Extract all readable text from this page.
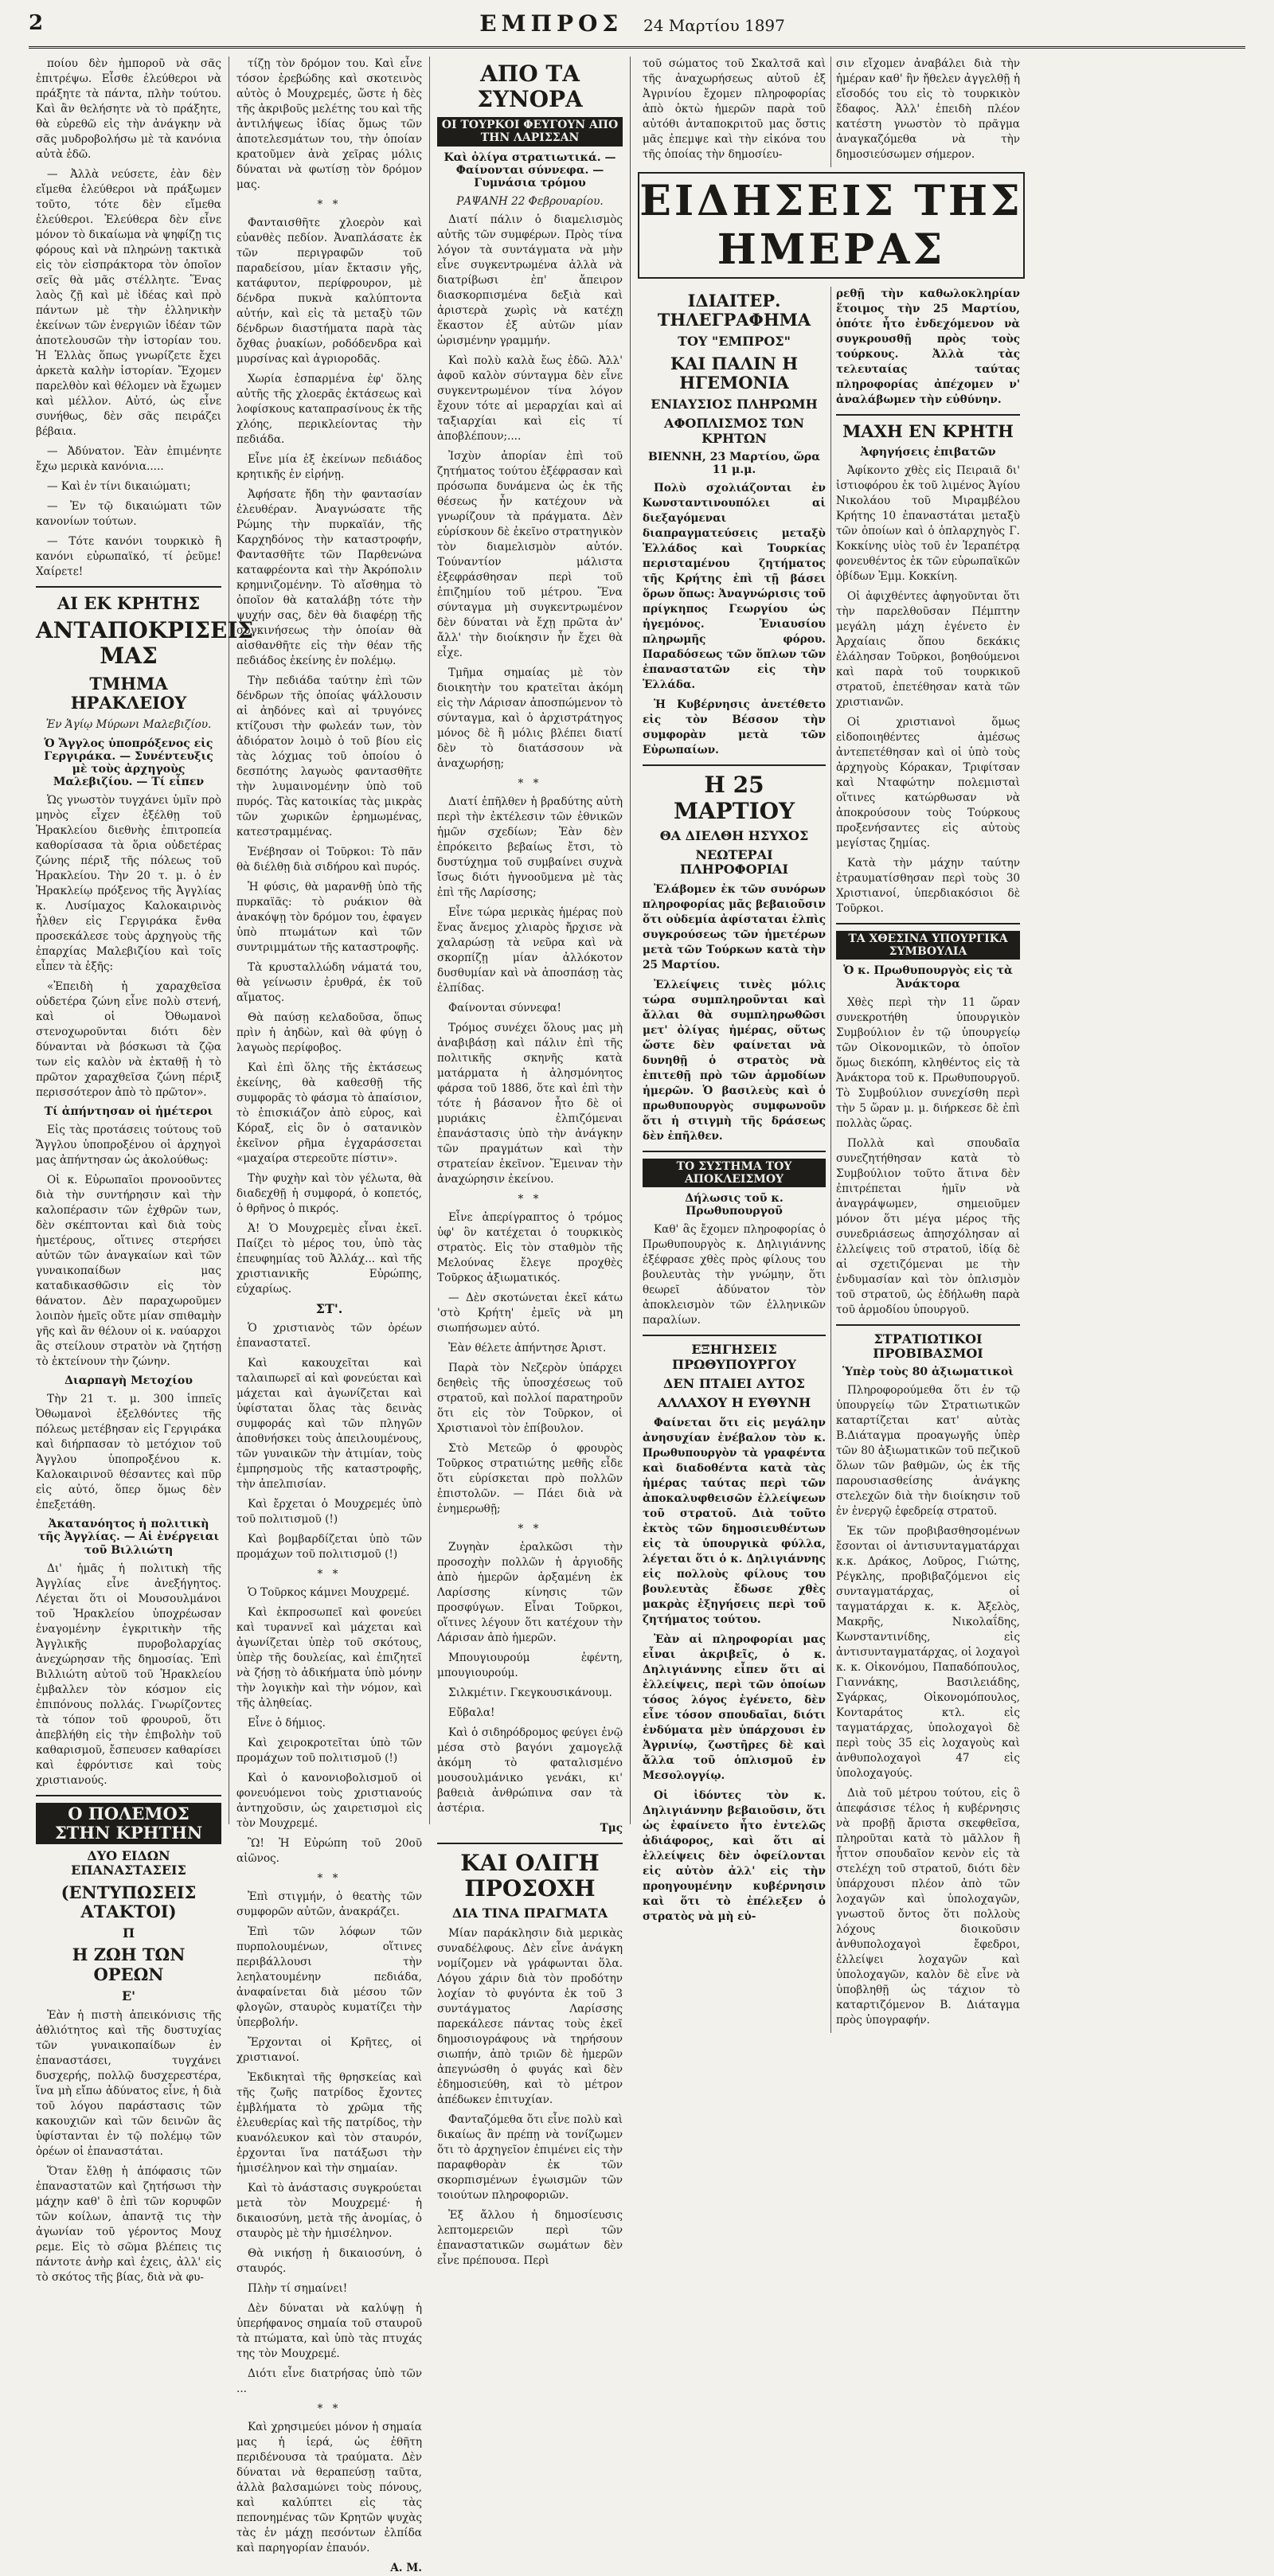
2	ΕΜΠΡΟΣ 24 Μαρτίου 1897

ποίου δὲν ἠμποροῦ νὰ σᾶς ἐπιτρέψω. Εἶσθε ἐλεύθεροι νὰ πράξητε τὰ πάντα, πλὴν τούτου. Καὶ ἂν θελήσητε νὰ τὸ πράξητε, θὰ εὑρεθῶ εἰς τὴν ἀνάγκην νὰ σᾶς μυδροβολήσω μὲ τὰ κανόνια αὐτὰ ἐδῶ.

— Ἀλλὰ νεύσετε, ἐὰν δὲν εἴμεθα ἐλεύθεροι νὰ πράξωμεν τοῦτο, τότε δὲν εἴμεθα ἐλεύθεροι. Ἐλεύθερα δὲν εἶνε μόνον τὸ δικαίωμα νὰ ψηφίζῃ τις φόρους καὶ νὰ πληρώνῃ τακτικὰ εἰς τὸν εἰσπράκτορα τὸν ὁποῖον σεῖς θὰ μᾶς στέλλητε. Ἕνας λαὸς ζῇ καὶ μὲ ἰδέας καὶ πρὸ πάντων μὲ τὴν ἐλληνικὴν ἐκείνων τῶν ἐνεργιῶν ἰδέαν τῶν ἀποτελουσῶν τὴν ἱστορίαν του. Ἡ Ἑλλὰς ὅπως γνωρίζετε ἔχει ἀρκετὰ καλὴν ἱστορίαν. Ἔχομεν παρελθὸν καὶ θέλομεν νὰ ἔχωμεν καὶ μέλλον. Αὐτό, ὡς εἶνε συνήθως, δὲν σᾶς πειράζει βέβαια.

— Ἀδύνατον. Ἐὰν ἐπιμένητε ἔχω μερικὰ κανόνια.....

— Καὶ ἐν τίνι δικαιώματι;

— Ἐν τῷ δικαιώματι τῶν κανονίων τούτων.

— Τότε κανόνι τουρκικὸ ἢ κανόνι εὐρωπαϊκό, τί ῥεῦμε! Χαίρετε!

ΑΙ ΕΚ ΚΡΗΤΗΣ
ΑΝΤΑΠΟΚΡΙΣΕΙΣ ΜΑΣ
ΤΜΗΜΑ ΗΡΑΚΛΕΙΟΥ
Ἐν Ἁγίῳ Μύρωνι Μαλεβιζίου.
Ὁ Ἄγγλος ὑποπρόξενος εἰς Γεργιράκα. — Συνέντευξις μὲ τοὺς ἀρχηγοὺς Μαλεβιζίου. — Τί εἶπεν

Ὡς γνωστὸν τυγχάνει ὑμῖν πρὸ μηνὸς εἶχεν ἐξέλθῃ τοῦ Ἡρακλείου διεθνὴς ἐπιτροπεία καθορίσασα τὰ ὅρια οὐδετέρας ζώνης πέριξ τῆς πόλεως τοῦ Ἡρακλείου. Τὴν 20 τ. μ. ὁ ἐν Ἡρακλείῳ πρόξενος τῆς Ἀγγλίας κ. Λυσίμαχος Καλοκαιρινὸς ἦλθεν εἰς Γεργιράκα ἔνθα προσεκάλεσε τοὺς ἀρχηγοὺς τῆς ἐπαρχίας Μαλεβιζίου καὶ τοῖς εἶπεν τὰ ἑξῆς:

«Ἐπειδὴ ἡ χαραχθεῖσα οὐδετέρα ζώνη εἶνε πολὺ στενή, καὶ οἱ Ὀθωμανοὶ στενοχωροῦνται διότι δὲν δύνανται νὰ βόσκωσι τὰ ζῷα των εἰς καλὸν νὰ ἐκταθῇ ἡ τὸ πρῶτον χαραχθεῖσα ζώνη πέριξ περισσότερον ἀπὸ τὸ πρῶτον».

Τί ἀπήντησαν οἱ ἡμέτεροι

Εἰς τὰς προτάσεις τούτους τοῦ Ἄγγλου ὑποπροξένου οἱ ἀρχηγοὶ μας ἀπήντησαν ὡς ἀκολούθως:

Οἱ κ. Εὐρωπαῖοι προνοοῦντες διὰ τὴν συντήρησιν καὶ τὴν καλοπέρασιν τῶν ἐχθρῶν των, δὲν σκέπτονται καὶ διὰ τοὺς ἡμετέρους, οἵτινες στερήσει αὐτῶν τῶν ἀναγκαίων καὶ τῶν γυναικοπαίδων μας καταδικασθῶσιν εἰς τὸν θάνατον. Δὲν παραχωροῦμεν λοιπὸν ἡμεῖς οὔτε μίαν σπιθαμὴν γῆς καὶ ἂν θέλουν οἱ κ. ναύαρχοι ἂς στείλουν στρατὸν νὰ ζητήσῃ τὸ ἐκτείνουν τὴν ζώνην.

Διαρπαγὴ Μετοχίου

Τὴν 21 τ. μ. 300 ἱππεῖς Ὀθωμανοὶ ἐξελθόντες τῆς πόλεως μετέβησαν εἰς Γεργιράκα καὶ διήρπασαν τὸ μετόχιον τοῦ Ἀγγλου ὑποπροξένου κ. Καλοκαιρινοῦ θέσαντες καὶ πῦρ εἰς αὐτό, ὅπερ ὅμως δὲν ἐπεξετάθη.

Ἀκατανόητος ἡ πολιτικὴ τῆς Ἀγγλίας. — Αἱ ἐνέργειαι τοῦ Βιλλιώτη

Δι' ἡμᾶς ἡ πολιτικὴ τῆς Ἀγγλίας εἶνε ἀνεξήγητος. Λέγεται ὅτι οἱ Μουσουλμάνοι τοῦ Ἡρακλείου ὑποχρέωσαν ἐναγομένην ἐγκριτικὴν τῆς Ἀγγλικῆς πυροβολαρχίας ἀνεχώρησαν τῆς δημοσίας. Ἐπὶ Βιλλιώτη αὐτοῦ τοῦ Ἡρακλείου ἐμβαλλεν τὸν κόσμον εἰς ἐπιπόνους πολλάς. Γνωρίζοντες τὰ τόπον τοῦ φρουροῦ, ὅτι ἀπεβλήθη εἰς τὴν ἐπιβολὴν τοῦ καθαρισμοῦ, ἔσπευσεν καθαρίσει καὶ ἐφρόντισε καὶ τοὺς χριστιανούς.

Ο ΠΟΛΕΜΟΣ ΣΤΗΝ ΚΡΗΤΗΝ
ΔΥΟ ΕΙΔΩΝ ΕΠΑΝΑΣΤΑΣΕΙΣ
(ΕΝΤΥΠΩΣΕΙΣ ΑΤΑΚΤΟΙ)
Π
Η ΖΩΗ ΤΩΝ ΟΡΕΩΝ
Ε'

Ἐὰν ἡ πιστὴ ἀπεικόνισις τῆς ἀθλιότητος καὶ τῆς δυστυχίας τῶν γυναικοπαίδων ἐν ἐπαναστάσει, τυγχάνει δυσχερής, πολλῷ δυσχερεστέρα, ἵνα μὴ εἴπω ἀδύνατος εἶνε, ἡ διὰ τοῦ λόγου παράστασις τῶν κακουχιῶν καὶ τῶν δεινῶν ἃς ὑφίστανται ἐν τῷ πολέμῳ τῶν ὀρέων οἱ ἐπαναστάται.

Ὅταν ἔλθῃ ἡ ἀπόφασις τῶν ἐπαναστατῶν καὶ ζητήσωσι τὴν μάχην καθ' ὃ ἐπὶ τῶν κορυφῶν τῶν κοίλων, ἀπαντᾷ τις τὴν ἀγωνίαν τοῦ γέροντος Μουχ ρεμε. Εἰς τὸ σῶμα βλέπεις τις πάντοτε ἀνὴρ καὶ ἐχεις, ἀλλ' εἰς τὸ σκότος τῆς βίας, διὰ νὰ φυ-

τίζῃ τὸν δρόμον του. Καὶ εἶνε τόσον ἐρεβώδης καὶ σκοτεινὸς αὐτὸς ὁ Μουχρεμές, ὥστε ἡ δὲς τῆς ἀκριβοῦς μελέτης του καὶ τῆς ἀντιλήψεως ἰδίας ὅμως τῶν ἀποτελεσμάτων του, τὴν ὁποίαν κρατοῦμεν ἀνὰ χεῖρας μόλις δύναται νὰ φωτίσῃ τὸν δρόμον μας.

* *

Φανταισθῆτε χλοερὸν καὶ εὐανθὲς πεδίον. Ἀναπλάσατε ἐκ τῶν περιγραφῶν τοῦ παραδείσου, μίαν ἔκτασιν γῆς, κατάφυτον, περίφρουρον, μὲ δένδρα πυκνὰ καλύπτοντα αὐτήν, καὶ εἰς τὰ μεταξὺ τῶν δένδρων διαστήματα παρὰ τὰς ὄχθας ῥυακίων, ροδόδενδρα καὶ μυρσίνας καὶ ἀγριοροδᾶς.

Χωρία ἐσπαρμένα ἐφ' ὅλης αὐτῆς τῆς χλοερᾶς ἐκτάσεως καὶ λοφίσκους καταπρασίνους ἐκ τῆς χλόης, περικλείοντας τὴν πεδιάδα.

Εἶνε μία ἐξ ἐκείνων πεδιάδος κρητικῆς ἐν εἰρήνῃ.

Ἀφήσατε ἤδη τὴν φαντασίαν ἐλευθέραν. Ἀναγνώσατε τῆς Ρώμης τὴν πυρκαϊάν, τῆς Καρχηδόνος τὴν καταστροφήν, Φαντασθῆτε τῶν Παρθενώνα καταφρέοντα καὶ τὴν Ἀκρόπολιν κρημνιζομένην. Τὸ αἴσθημα τὸ ὁποῖον θὰ καταλάβῃ τότε τὴν ψυχήν σας, δὲν θὰ διαφέρῃ τῆς συγκινήσεως τὴν ὁποίαν θὰ αἰσθανθῆτε εἰς τὴν θέαν τῆς πεδιάδος ἐκείνης ἐν πολέμῳ.

Τὴν πεδιάδα ταύτην ἐπὶ τῶν δένδρων τῆς ὁποίας ψάλλουσιν αἱ ἀηδόνες καὶ αἱ τρυγόνες κτίζουσι τὴν φωλεάν των, τὸν ἀδιόρατον λοιμὸ ὁ τοῦ βίου εἰς τὰς λόχμας τοῦ ὁποίου ὁ δεσπότης λαγωὸς φαντασθῆτε τὴν λυμαινομένην ὑπὸ τοῦ πυρός. Τὰς κατοικίας τὰς μικρὰς τῶν χωρικῶν ἐρημωμένας, κατεστραμμένας.

Ἐνέβησαν οἱ Τοῦρκοι: Τὸ πᾶν θὰ διέλθῃ διὰ σιδήρου καὶ πυρός.

Ἡ φύσις, θὰ μαρανθῇ ὑπὸ τῆς πυρκαϊᾶς: τὸ ρυάκιον θὰ ἀνακόψῃ τὸν δρόμον του, ἐφαγεν ὑπὸ πτωμάτων καὶ τῶν συντριμμάτων τῆς καταστροφῆς.

Τὰ κρυσταλλώδη νάματά του, θὰ γείνωσιν ἐρυθρά, ἐκ τοῦ αἵματος.

Θὰ παύσῃ κελαδοῦσα, ὅπως πρὶν ἡ ἀηδὼν, καὶ θὰ φύγῃ ὁ λαγωὸς περίφοβος.

Καὶ ἐπὶ ὅλης τῆς ἐκτάσεως ἐκείνης, θὰ καθεσθῇ τῆς συμφορᾶς τὸ φάσμα τὸ ἀπαίσιον, τὸ ἐπισκιάζον ἀπὸ εὐρος, καὶ Κόραξ, εἰς ὃν ὁ σατανικὸν ἐκεῖνον ρῆμα ἐγχαράσσεται «μαχαίρα στερεοῦτε πίστιν».

Τὴν φυχὴν καὶ τὸν γέλωτα, θὰ διαδεχθῇ ἡ συμφορά, ὁ κοπετός, ὁ θρῆνος ὁ πικρός.

Ἀ! Ὁ Μουχρεμὲς εἶναι ἐκεῖ. Παίζει τὸ μέρος του, ὑπὸ τὰς ἐπευφημίας τοῦ Ἀλλάχ... καὶ τῆς χριστιανικῆς Εὐρώπης, εὐχαρίως.

ΣΤ'.

Ὁ χριστιανὸς τῶν ὀρέων ἐπαναστατεῖ.

Καὶ κακουχεῖται καὶ ταλαιπωρεῖ αἱ καὶ φονεύεται καὶ μάχεται καὶ ἀγωνίζεται καὶ ὑφίσταται ὅλας τὰς δεινὰς συμφοράς καὶ τῶν πληγῶν ἀποθνήσκει τοὺς ἀπειλουμένους, τῶν γυναικῶν τὴν ἀτιμίαν, τοὺς ἐμπρησμοὺς τῆς καταστροφῆς, τὴν ἀπελπισίαν.

Καὶ ἔρχεται ὁ Μουχρεμές ὑπὸ τοῦ πολιτισμοῦ (!)

Καὶ βομβαρδίζεται ὑπὸ τῶν προμάχων τοῦ πολιτισμοῦ (!)

* *

Ὁ Τοῦρκος κάμνει Μουχρεμέ.

Καὶ ἐκπροσωπεῖ καὶ φονεύει καὶ τυραννεῖ καὶ μάχεται καὶ ἀγωνίζεται ὑπὲρ τοῦ σκότους, ὑπὲρ τῆς δουλείας, καὶ ἐπιζητεῖ νὰ ζήσῃ τὸ ἀδικήματα ὑπὸ μόνην τὴν λογικὴν καὶ τὴν νόμον, καὶ τῆς ἀληθείας.

Εἶνε ὁ δήμιος.

Καὶ χειροκροτεῖται ὑπὸ τῶν προμάχων τοῦ πολιτισμοῦ (!)

Καὶ ὁ κανονιοβολισμοῦ οἱ φονευόμενοι τοὺς χριστιανούς ἀντηχοῦσιν, ὡς χαιρετισμοὶ εἰς τὸν Μουχρεμέ.

Ὢ! Ἡ Εὐρώπη τοῦ 20οῦ αἰῶνος.

* *

Ἐπὶ στιγμήν, ὁ θεατὴς τῶν συμφορῶν αὐτῶν, ἀνακράζει.

Ἐπὶ τῶν λόφων τῶν πυρπολουμένων, οἵτινες περιβάλλουσι τὴν λεηλατουμένην πεδιάδα, ἀναφαίνεται διὰ μέσου τῶν φλογῶν, σταυρὸς κυματίζει τὴν ὑπερβολήν.

Ἔρχονται οἱ Κρῆτες, οἱ χριστιανοί.

Ἐκδικηταὶ τῆς θρησκείας καὶ τῆς ζωῆς πατρίδος ἔχοντες ἐμβλήματα τὸ χρῶμα τῆς ἐλευθερίας καὶ τῆς πατρίδος, τὴν κυανόλευκον καὶ τὸν σταυρόν, ἐρχονται ἵνα πατάξωσι τὴν ἡμισέληνον καὶ τὴν σημαίαν.

Καὶ τὸ ἀνάστασις συγκρούεται μετὰ τὸν Μουχρεμέ· ἡ δικαιοσύνη, μετὰ τῆς ἀνομίας, ὁ σταυρὸς μὲ τὴν ἡμισέληνον.

Θὰ νικήσῃ ἡ δικαιοσύνη, ὁ σταυρός.

Πλὴν τί σημαίνει!

Δὲν δύναται νὰ καλύψῃ ἡ ὑπερήφανος σημαία τοῦ σταυροῦ τὰ πτώματα, καὶ ὑπὸ τὰς πτυχάς της τὸν Μουχρεμέ.

Διότι εἶνε διατρήσας ὑπὸ τῶν ...

* *

Καὶ χρησιμεύει μόνον ἡ σημαία μας ἡ ἱερά, ὡς ἐθῆτη περιδένουσα τὰ τραύματα. Δὲν δύναται νὰ θεραπεύσῃ ταῦτα, ἀλλὰ βαλσαμώνει τοὺς πόνους, καὶ καλύπτει εἰς τὰς πεπονημένας τῶν Κρητῶν ψυχὰς τὰς ἐν μάχῃ πεσόντων ἐλπίδα καὶ παρηγορίαν ἐπαυόν.

Α. Μ.
ΑΠΟ ΤΑ ΣΥΝΟΡΑ
ΟΙ ΤΟΥΡΚΟΙ ΦΕΥΓΟΥΝ ΑΠΟ ΤΗΝ ΛΑΡΙΣΣΑΝ
Καὶ ὀλίγα στρατιωτικά. — Φαίνονται σύννεφα. — Γυμνάσια τρόμου
ΡΑΨΑΝΗ 22 Φεβρουαρίου.

Διατί πάλιν ὁ διαμελισμὸς αὐτῆς τῶν συμφέρων. Πρὸς τίνα λόγον τὰ συντάγματα νὰ μὴν εἶνε συγκεντρωμένα ἀλλὰ νὰ διατρίβωσι ἐπ' ἄπειρον διασκορπισμένα δεξιὰ καὶ ἀριστερὰ χωρὶς νὰ κατέχῃ ἕκαστον ἐξ αὐτῶν μίαν ὡρισμένην γραμμήν.

Καὶ πολὺ καλὰ ἔως ἐδῶ. Ἀλλ' ἀφοῦ καλὸν σύνταγμα δὲν εἶνε συγκεντρωμένον τίνα λόγον ἔχουν τότε αἱ μεραρχίαι καὶ αἱ ταξιαρχίαι καὶ εἰς τί ἀποβλέπουν;....

Ἰσχὺν ἀπορίαν ἐπὶ τοῦ ζητήματος τούτου ἐξέφρασαν καὶ πρόσωπα δυνάμενα ὡς ἐκ τῆς θέσεως ἦν κατέχουν νὰ γνωρίζουν τὰ πράγματα. Δὲν εὑρίσκουν δὲ ἐκεῖνο στρατηγικὸν τὸν διαμελισμὸν αὐτόν. Τούναντίον μάλιστα ἐξεφράσθησαν περὶ τοῦ ἐπιζημίου τοῦ μέτρου. Ἕνα σύνταγμα μὴ συγκεντρωμένον δὲν δύναται νὰ ἔχῃ πρῶτα ἀν' ἄλλ' τὴν διοίκησιν ἦν ἔχει θὰ εἶχε.

Τμῆμα σημαίας μὲ τὸν διοικητὴν του κρατεῖται ἀκόμη εἰς τὴν Λάρισαν ἀποσπώμενον τὸ σύνταγμα, καὶ ὁ ἀρχιστράτηγος μόνος δὲ ἢ μόλις βλέπει διατί δὲν τὸ διατάσσουν νὰ ἀναχωρήσῃ;

* *

Διατί ἐπῆλθεν ἡ βραδύτης αὐτὴ περὶ τὴν ἐκτέλεσιν τῶν ἐθνικῶν ἡμῶν σχεδίων; Ἐὰν δὲν ἐπρόκειτο βεβαίως ἔτσι, τὸ δυστύχημα τοῦ συμβαίνει συχνὰ ἴσως διότι ἠγνοοῦμενα μὲ τὰς ἐπὶ τῆς Λαρίσσης;

Εἶνε τώρα μερικὰς ἡμέρας ποὺ ἕνας ἄνεμος χλιαρὸς ἤρχισε νὰ χαλαρώσῃ τὰ νεῦρα καὶ νὰ σκορπίζῃ μίαν ἀλλόκοτον δυσθυμίαν καὶ νὰ ἀποσπάσῃ τὰς ἐλπίδας.

Φαίνονται σύννεφα!

Τρόμος συνέχει ὅλους μας μὴ ἀναβιβάσῃ καὶ πάλιν ἐπὶ τῆς πολιτικῆς σκηνῆς κατὰ ματάρματα ἡ ἀλησμόνητος φάρσα τοῦ 1886, ὅτε καὶ ἐπὶ τὴν τότε ἡ βάσανον ἦτο δὲ οἱ μυριάκις ἐλπιζόμεναι ἐπανάστασις ὑπὸ τὴν ἀνάγκην τῶν πραγμάτων καὶ τὴν στρατείαν ἐκεῖνον. Ἔμειναν τὴν ἀναχώρησιν ἐκείνου.

* *

Εἶνε ἀπερίγραπτος ὁ τρόμος ὑφ' ὃν κατέχεται ὁ τουρκικὸς στρατὸς. Εἰς τὸν σταθμὸν τῆς Μελούνας ἔλεγε προχθὲς Τοῦρκος ἀξιωματικός.

— Δὲν σκοτώνεται ἐκεῖ κάτω 'στὸ Κρήτη' ἐμεῖς νὰ μη σιωπήσωμεν αὐτό.

Ἐὰν θέλετε ἀπήντησε Ἀριστ.

Παρὰ τὸν Νεζερὸν ὑπάρχει δεηθεὶς τῆς ὑποσχέσεως τοῦ στρατοῦ, καὶ πολλοί παρατηροῦν ὅτι εἰς τὸν Τοῦρκον, οἱ Χριστιανοὶ τὸν ἐπίβουλον.

Στὸ Μετεῶρ ὁ φρουρὸς Τοῦρκος στρατιώτης μεθῆς εἶδε ὅτι εὑρίσκεται πρὸ πολλῶν ἐπιστολῶν. — Πάει διὰ νὰ ἐνημερωθῇ;

* *

Ζυγηὰν ἐραλκῶσι τὴν προσοχὴν πολλῶν ἡ ἀργιοδῆς ἀπὸ ἡμερῶν ἀρξαμένη ἐκ Λαρίσσης κίνησις τῶν προσφύγων. Εἶναι Τοῦρκοι, οἵτινες λέγουν ὅτι κατέχουν τὴν Λάρισαν ἀπὸ ἡμερῶν.

Μπουγιουρούμ ἐφέντη, μπουγιουρούμ.

Σιλκμέτιν. Γκεγκουσικάνουμ.

Εὔβαλα!

Καὶ ὁ σιδηρόδρομος φεύγει ἐνῷ μέσα στὸ βαγόνι χαμογελᾷ ἀκόμη τὸ φαταλισμένο μουσουλμάνικο γενάκι, κι' βαθειὰ ἀνθρώπινα σαν τὰ ἀστέρια.

Τμς
ΚΑΙ ΟΛΙΓΗ ΠΡΟΣΟΧΗ
ΔΙΑ ΤΙΝΑ ΠΡΑΓΜΑΤΑ

Μίαν παράκλησιν διὰ μερικὰς συναδέλφους. Δὲν εἶνε ἀνάγκη νομίζομεν νὰ γράφωνται ὅλα. Λόγου χάριν διὰ τὸν προδότην λοχίαν τὸ φυγόντα ἐκ τοῦ 3 συντάγματος Λαρίσσης παρεκάλεσε πάντας τοὺς ἐκεῖ δημοσιογράφους νὰ τηρήσουν σιωπήν, ἀπὸ τριῶν δὲ ἡμερῶν ἀπεγνώσθη ὁ φυγάς καὶ δὲν ἐδημοσιεύθη, καὶ τὸ μέτρον ἀπέδωκεν ἐπιτυχίαν.

Φανταζόμεθα ὅτι εἶνε πολὺ καὶ δικαίως ἂν πρέπῃ νὰ τονίζωμεν ὅτι τὸ ἀρχηγεῖον ἐπιμένει εἰς τὴν παραφθορὰν ἐκ τῶν σκορπισμένων ἐγωισμῶν τῶν τοιούτων πληροφοριῶν.

Ἐξ ἄλλου ἡ δημοσίευσις λεπτομερειῶν περὶ τῶν ἐπαναστατικῶν σωμάτων δὲν εἶνε πρέπουσα. Περὶ

τοῦ σώματος τοῦ Σκαλτσᾶ καὶ τῆς ἀναχωρήσεως αὐτοῦ ἐξ Ἀγρινίου ἔχομεν πληροφορίας ἀπὸ ὀκτὼ ἡμερῶν παρὰ τοῦ αὐτόθι ἀνταποκριτοῦ μας ὅστις μᾶς ἐπεμψε καὶ τὴν εἰκόνα του τῆς ὁποίας τὴν δημοσίευ-

σιν εἴχομεν ἀναβάλει διὰ τὴν ἡμέραν καθ' ἣν ἤθελεν ἀγγελθῇ ἡ εἴσοδός του εἰς τὸ τουρκικὸν ἔδαφος. Ἀλλ' ἐπειδὴ πλέον κατέστη γνωστὸν τὸ πρᾶγμα ἀναγκαζόμεθα νὰ τὴν δημοσιεύσωμεν σήμερον.

ΕΙΔΗΣΕΙΣ ΤΗΣ ΗΜΕΡΑΣ
ΙΔΙΑΙΤΕΡ. ΤΗΛΕΓΡΑΦΗΜΑ
ΤΟΥ "ΕΜΠΡΟΣ"
ΚΑΙ ΠΑΛΙΝ Η ΗΓΕΜΟΝΙΑ
ΕΝΙΑΥΣΙΟΣ ΠΛΗΡΩΜΗ
ΑΦΟΠΛΙΣΜΟΣ ΤΩΝ ΚΡΗΤΩΝ
ΒΙΕΝΝΗ, 23 Μαρτίου, ὥρα 11 μ.μ.

Πολὺ σχολιάζονται ἐν Κωνσταντινουπόλει αἱ διεξαγόμεναι διαπραγματεύσεις μεταξὺ Ἑλλάδος καὶ Τουρκίας περισταμένου ζητήματος τῆς Κρήτης ἐπὶ τῇ βάσει ὅρων ὅπως: Ἀναγνώρισις τοῦ πρίγκηπος Γεωργίου ὡς ἡγεμόνος. Ἐνιαυσίου πληρωμῆς φόρου. Παραδόσεως τῶν ὅπλων τῶν ἐπαναστατῶν εἰς τὴν Ἑλλάδα.

Ἡ Κυβέρνησις ἀνετέθετο εἰς τὸν Βέσσον τὴν συμφορὰν μετὰ τῶν Εὐρωπαίων.

Η 25 ΜΑΡΤΙΟΥ
ΘΑ ΔΙΕΛΘΗ ΗΣΥΧΟΣ
ΝΕΩΤΕΡΑΙ ΠΛΗΡΟΦΟΡΙΑΙ

Ἐλάβομεν ἐκ τῶν συνόρων πληροφορίας μᾶς βεβαιοῦσιν ὅτι οὐδεμία ἀφίσταται ἐλπὶς συγκρούσεως τῶν ἡμετέρων μετὰ τῶν Τούρκων κατὰ τὴν 25 Μαρτίου.

Ἐλλείψεις τινὲς μόλις τώρα συμπληροῦνται καὶ ἄλλαι θὰ συμπληρωθῶσι μετ' ὀλίγας ἡμέρας, οὕτως ὥστε δὲν φαίνεται νὰ δυνηθῇ ὁ στρατὸς νὰ ἐπιτεθῇ πρὸ τῶν ἁρμοδίων ἡμερῶν. Ὁ βασιλεὺς καὶ ὁ πρωθυπουργὸς συμφωνοῦν ὅτι ἡ στιγμὴ τῆς δράσεως δὲν ἐπῆλθεν.

ΤΟ ΣΥΣΤΗΜΑ ΤΟΥ ΑΠΟΚΛΕΙΣΜΟΥ
Δήλωσις τοῦ κ. Πρωθυπουργοῦ

Καθ' ἃς ἔχομεν πληροφορίας ὁ Πρωθυπουργὸς κ. Δηλιγιάννης ἐξέφρασε χθὲς πρὸς φίλους του βουλευτὰς τὴν γνώμην, ὅτι θεωρεῖ ἀδύνατον τὸν ἀποκλεισμὸν τῶν ἑλληνικῶν παραλίων.

ΕΞΗΓΗΣΕΙΣ ΠΡΩΘΥΠΟΥΡΓΟΥ
ΔΕΝ ΠΤΑΙΕΙ ΑΥΤΟΣ
ΑΛΛΑΧΟΥ Η ΕΥΘΥΝΗ

Φαίνεται ὅτι εἰς μεγάλην ἀνησυχίαν ἐνέβαλον τὸν κ. Πρωθυπουργὸν τὰ γραφέντα καὶ διαδοθέντα κατὰ τὰς ἡμέρας ταύτας περὶ τῶν ἀποκαλυφθεισῶν ἐλλείψεων τοῦ στρατοῦ. Διὰ τοῦτο ἐκτὸς τῶν δημοσιευθέντων εἰς τὰ ὑπουργικὰ φύλλα, λέγεται ὅτι ὁ κ. Δηλιγιάννης εἰς πολλοὺς φίλους του βουλευτὰς ἔδωσε χθὲς μακρὰς ἐξηγήσεις περὶ τοῦ ζητήματος τούτου.

Ἐὰν αἱ πληροφορίαι μας εἶναι ἀκριβεῖς, ὁ κ. Δηλιγιάννης εἶπεν ὅτι αἱ ἐλλείψεις, περὶ τῶν ὁποίων τόσος λόγος ἐγένετο, δὲν εἶνε τόσον σπουδαῖαι, διότι ἐνδύματα μὲν ὑπάρχουσι ἐν Ἀγρινίῳ, ζωστῆρες δὲ καὶ ἄλλα τοῦ ὁπλισμοῦ ἐν Μεσολογγίῳ.

Οἱ ἰδόντες τὸν κ. Δηλιγιάννην βεβαιοῦσιν, ὅτι ὡς ἐφαίνετο ἦτο ἐντελῶς ἀδιάφορος, καὶ ὅτι αἱ ἐλλείψεις δὲν ὀφείλονται εἰς αὐτὸν ἀλλ' εἰς τὴν προηγουμένην κυβέρνησιν καὶ ὅτι τὸ ἐπέλεξεν ὁ στρατὸς νὰ μὴ εὑ-

ρεθῇ τὴν καθωλοκληρίαν ἕτοιμος τὴν 25 Μαρτίου, ὁπότε ἦτο ἐνδεχόμενον νὰ συγκρουσθῇ πρὸς τοὺς τούρκους. Ἀλλὰ τὰς τελευταίας ταύτας πληροφορίας ἀπέχομεν ν' ἀναλάβωμεν τὴν εὐθύνην.

ΜΑΧΗ ΕΝ ΚΡΗΤΗ
Ἀφηγήσεις ἐπιβατῶν

Ἀφίκοντο χθὲς εἰς Πειραιᾶ δι' ἰστιοφόρου ἐκ τοῦ λιμένος Ἁγίου Νικολάου τοῦ Μιραμβέλου Κρήτης 10 ἐπαναστάται μεταξὺ τῶν ὁποίων καὶ ὁ ὁπλαρχηγὸς Γ. Κοκκίνης υἱὸς τοῦ ἐν Ἱεραπέτρᾳ φονευθέντος ἐκ τῶν εὐρωπαϊκῶν ὀβίδων Ἐμμ. Κοκκίνη.

Οἱ ἀφιχθέντες ἀφηγοῦνται ὅτι τὴν παρελθοῦσαν Πέμπτην μεγάλη μάχη ἐγένετο ἐν Ἀρχαίαις ὅπου δεκάκις ἐλάλησαν Τοῦρκοι, βοηθούμενοι καὶ παρὰ τοῦ τουρκικοῦ στρατοῦ, ἐπετέθησαν κατὰ τῶν χριστιανῶν.

Οἱ χριστιανοὶ ὅμως εἰδοποιηθέντες ἀμέσως ἀντεπετέθησαν καὶ οἱ ὑπὸ τοὺς ἀρχηγοὺς Κόρακαν, Τριφίτσαν καὶ Νταφώτην πολεμισταὶ οἵτινες κατώρθωσαν νὰ ἀποκρούσουν τοὺς Τούρκους προξενήσαντες εἰς αὐτοὺς μεγίστας ζημίας.

Κατὰ τὴν μάχην ταύτην ἐτραυματίσθησαν περὶ τοὺς 30 Χριστιανοί, ὑπερδιακόσιοι δὲ Τοῦρκοι.

ΤΑ ΧΘΕΣΙΝΑ ΥΠΟΥΡΓΙΚΑ ΣΥΜΒΟΥΛΙΑ
Ὁ κ. Πρωθυπουργὸς εἰς τὰ Ἀνάκτορα

Χθὲς περὶ τὴν 11 ὥραν συνεκροτήθη ὑπουργικὸν Συμβούλιον ἐν τῷ ὑπουργείῳ τῶν Οἰκονομικῶν, τὸ ὁποῖον ὅμως διεκόπη, κληθέντος εἰς τὰ Ἀνάκτορα τοῦ κ. Πρωθυπουργοῦ. Τὸ Συμβούλιον συνεχίσθη περὶ τὴν 5 ὥραν μ. μ. διήρκεσε δὲ ἐπὶ πολλὰς ὥρας.

Πολλὰ καὶ σπουδαῖα συνεζητήθησαν κατὰ τὸ Συμβούλιον τοῦτο ἅτινα δὲν ἐπιτρέπεται ἡμῖν νὰ ἀναγράψωμεν, σημειοῦμεν μόνον ὅτι μέγα μέρος τῆς συνεδριάσεως ἀπησχόλησαν αἱ ἐλλείψεις τοῦ στρατοῦ, ἰδίᾳ δὲ αἱ σχετιζόμεναι με τὴν ἐνδυμασίαν καὶ τὸν ὁπλισμὸν τοῦ στρατοῦ, ὡς ἐδήλωθη παρὰ τοῦ ἁρμοδίου ὑπουργοῦ.

ΣΤΡΑΤΙΩΤΙΚΟΙ ΠΡΟΒΙΒΑΣΜΟΙ
Ὑπὲρ τοὺς 80 ἀξιωματικοὶ

Πληροφορούμεθα ὅτι ἐν τῷ ὑπουργείῳ τῶν Στρατιωτικῶν καταρτίζεται κατ' αὐτὰς Β.Διάταγμα προαγωγῆς ὑπὲρ τῶν 80 ἀξιωματικῶν τοῦ πεζικοῦ ὅλων τῶν βαθμῶν, ὡς ἐκ τῆς παρουσιασθείσης ἀνάγκης στελεχῶν διὰ τὴν διοίκησιν τοῦ ἐν ἐνεργῷ ἐφεδρείᾳ στρατοῦ.

Ἐκ τῶν προβιβασθησομένων ἔσονται οἱ ἀντισυνταγματάρχαι κ.κ. Δράκος, Λοῦρος, Γιώτης, Ρέγκλης, προβιβαζόμενοι εἰς συνταγματάρχας, οἱ ταγματάρχαι κ. κ. Ἀξελὸς, Μακρῆς, Νικολαΐδης, Κωνσταντινίδης, εἰς ἀντισυνταγματάρχας, οἱ λοχαγοὶ κ. κ. Οἰκονόμου, Παπαδόπουλος, Γιαννάκης, Βασιλειάδης, Σγάρκας, Οἰκονομόπουλος, Κονταράτος κτλ. εἰς ταγματάρχας, ὑπολοχαγοὶ δὲ περὶ τοὺς 35 εἰς λοχαγοὺς καὶ ἀνθυπολοχαγοὶ 47 εἰς ὑπολοχαγούς.

Διὰ τοῦ μέτρου τούτου, εἰς ὃ ἀπεφάσισε τέλος ἡ κυβέρνησις νὰ προβῇ ἄριστα σκεφθεῖσα, πληροῦται κατὰ τὸ μᾶλλον ἢ ἧττον σπουδαῖον κενὸν εἰς τὰ στελέχη τοῦ στρατοῦ, διότι δὲν ὑπάρχουσι πλέον ἀπὸ τῶν λοχαγῶν καὶ ὑπολοχαγῶν, γνωστοῦ ὄντος ὅτι πολλοὺς λόχους διοικοῦσιν ἀνθυπολοχαγοὶ ἔφεδροι, ἐλλείψει λοχαγῶν καὶ ὑπολοχαγῶν, καλὸν δὲ εἶνε νὰ ὑποβληθῇ ὡς τάχιον τὸ καταρτιζόμενον Β. Διάταγμα πρὸς ὑπογραφήν.
